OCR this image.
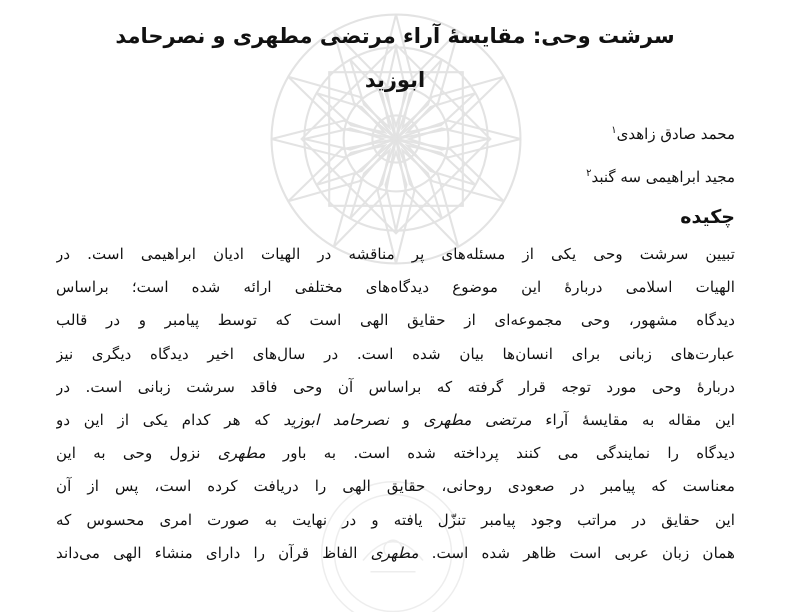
سرشت وحی: مقایسهٔ آراء مرتضی مطهری و نصرحامد
ابوزید

محمد صادق زاهدی$^۱$

مجید ابراهیمی سه گنبد$^۲$

چکیده
تبیین سرشت وحی یکی از مسئله‌های پر مناقشه در الهیات ادیان ابراهیمی است. در
الهیات اسلامی دربارهٔ این موضوع دیدگاه‌های مختلفی ارائه شده است؛ براساس
دیدگاه مشهور، وحی مجموعه‌ای از حقایق الهی است که توسط پیامبر و در قالب
عبارت‌های زبانی برای انسان‌ها بیان شده است. در سال‌های اخیر دیدگاه دیگری نیز
دربارهٔ وحی مورد توجه قرار گرفته که براساس آن وحی فاقد سرشت زبانی است. در
این مقاله به مقایسهٔ آراء مرتضی مطهری و نصرحامد ابوزید که هر کدام یکی از این دو
دیدگاه را نمایندگی می کنند پرداخته شده است. به باور مطهری نزول وحی به این
معناست که پیامبر در صعودی روحانی، حقایق الهی را دریافت کرده است، پس از آن
این حقایق در مراتب وجود پیامبر تنزّل یافته و در نهایت به صورت امری محسوس که
همان زبان عربی است ظاهر شده است. مطهری الفاظ قرآن را دارای منشاء الهی می‌داند
